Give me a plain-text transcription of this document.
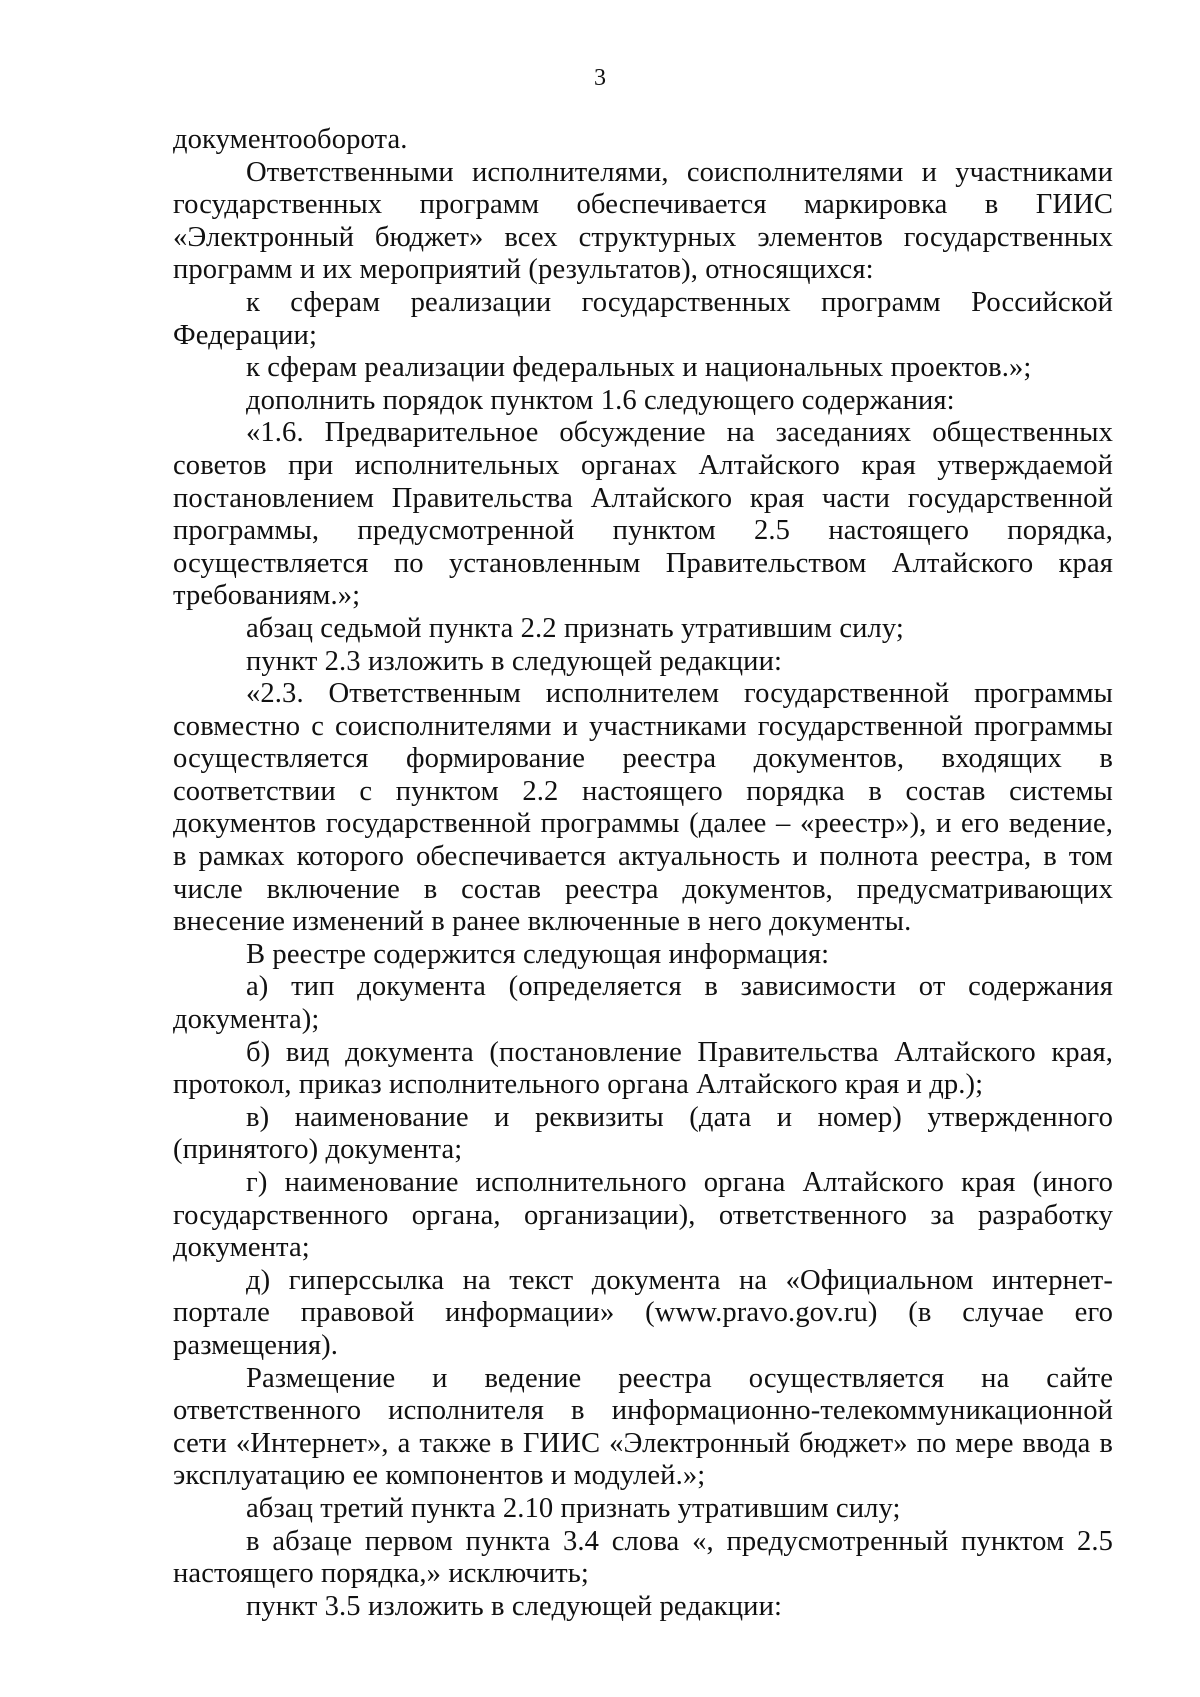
3

документооборота.

Ответственными исполнителями, соисполнителями и участниками государственных программ обеспечивается маркировка в ГИИС «Электронный бюджет» всех структурных элементов государственных программ и их мероприятий (результатов), относящихся:

к сферам реализации государственных программ Российской Федерации;

к сферам реализации федеральных и национальных проектов.»;

дополнить порядок пунктом 1.6 следующего содержания:

«1.6. Предварительное обсуждение на заседаниях общественных советов при исполнительных органах Алтайского края утверждаемой постановлением Правительства Алтайского края части государственной программы, предусмотренной пунктом 2.5 настоящего порядка, осуществляется по установленным Правительством Алтайского края требованиям.»;

абзац седьмой пункта 2.2 признать утратившим силу;

пункт 2.3 изложить в следующей редакции:

«2.3. Ответственным исполнителем государственной программы совместно с соисполнителями и участниками государственной программы осуществляется формирование реестра документов, входящих в соответствии с пунктом 2.2 настоящего порядка в состав системы документов государственной программы (далее – «реестр»), и его ведение, в рамках которого обеспечивается актуальность и полнота реестра, в том числе включение в состав реестра документов, предусматривающих внесение изменений в ранее включенные в него документы.

В реестре содержится следующая информация:

а) тип документа (определяется в зависимости от содержания документа);

б) вид документа (постановление Правительства Алтайского края, протокол, приказ исполнительного органа Алтайского края и др.);

в) наименование и реквизиты (дата и номер) утвержденного (принятого) документа;

г) наименование исполнительного органа Алтайского края (иного государственного органа, организации), ответственного за разработку документа;

д) гиперссылка на текст документа на «Официальном интернет-портале правовой информации» (www.pravo.gov.ru) (в случае его размещения).

Размещение и ведение реестра осуществляется на сайте ответственного исполнителя в информационно-телекоммуникационной сети «Интернет», а также в ГИИС «Электронный бюджет» по мере ввода в эксплуатацию ее компонентов и модулей.»;

абзац третий пункта 2.10 признать утратившим силу;

в абзаце первом пункта 3.4 слова «, предусмотренный пунктом 2.5 настоящего порядка,» исключить;

пункт 3.5 изложить в следующей редакции:
